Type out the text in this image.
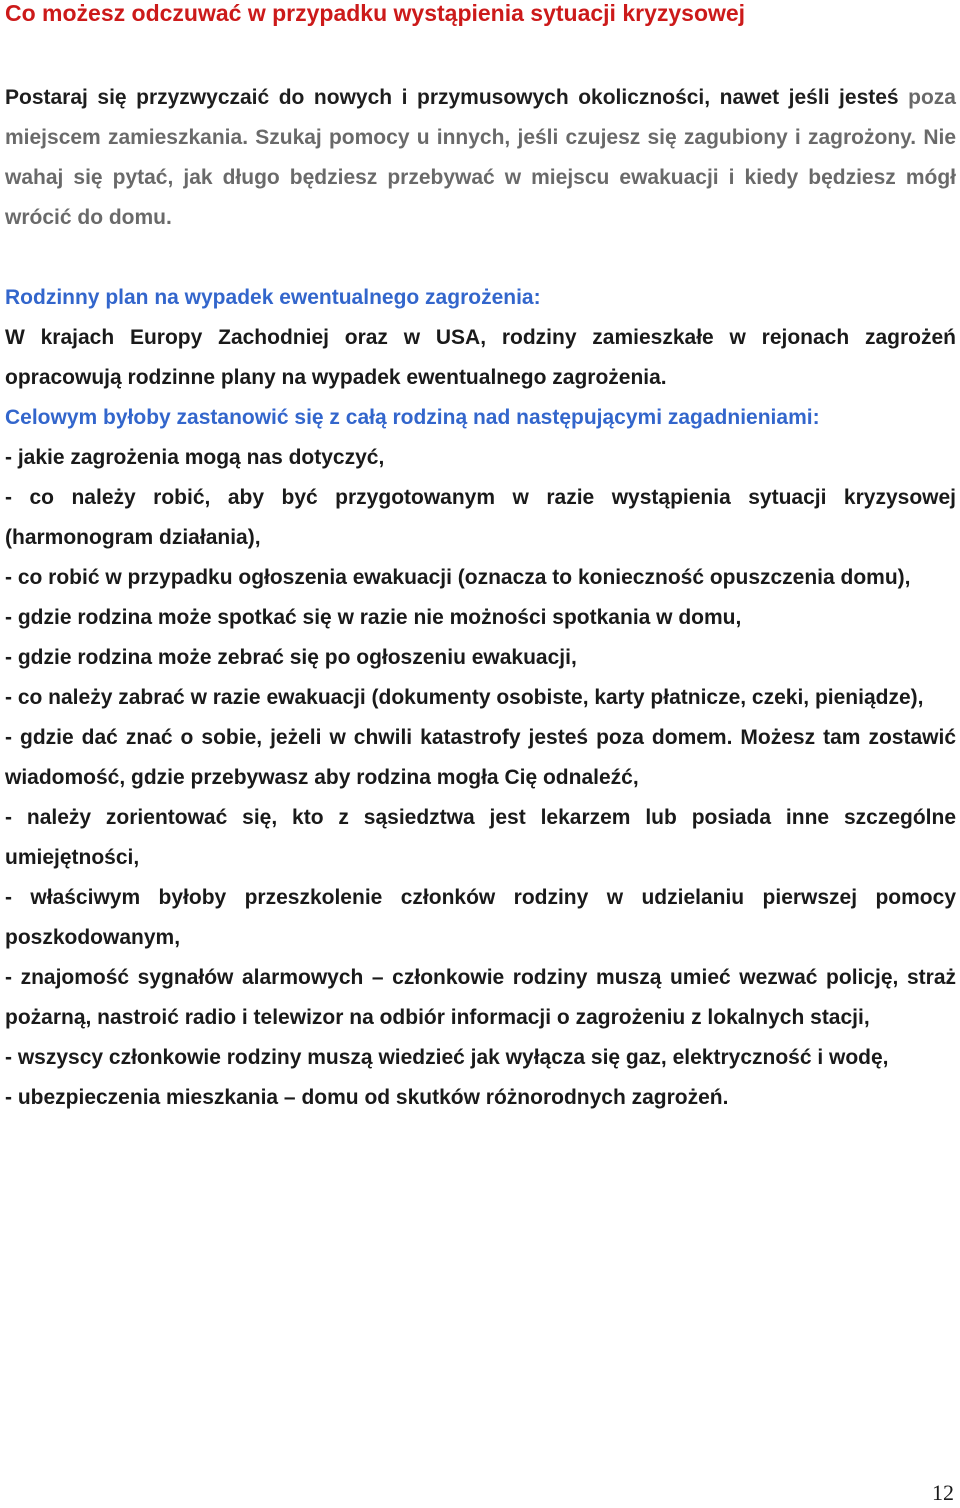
Co możesz odczuwać w przypadku wystąpienia sytuacji kryzysowej

Postaraj się przyzwyczaić do nowych i przymusowych okoliczności, nawet jeśli jesteś poza miejscem zamieszkania. Szukaj pomocy u innych, jeśli czujesz się zagubiony i zagrożony. Nie wahaj się pytać, jak długo będziesz przebywać w miejscu ewakuacji i kiedy będziesz mógł wrócić do domu.

Rodzinny plan na wypadek ewentualnego zagrożenia:

W krajach Europy Zachodniej oraz w USA, rodziny zamieszkałe w rejonach zagrożeń opracowują rodzinne plany na wypadek ewentualnego zagrożenia.

Celowym byłoby zastanowić się z całą rodziną nad następującymi zagadnieniami:

- jakie zagrożenia mogą nas dotyczyć,

- co należy robić, aby być przygotowanym w razie wystąpienia sytuacji kryzysowej (harmonogram działania),

- co robić w przypadku ogłoszenia ewakuacji (oznacza to konieczność opuszczenia domu),

- gdzie rodzina może spotkać się w razie nie możności spotkania w domu,

- gdzie rodzina może zebrać się po ogłoszeniu ewakuacji,

- co należy zabrać w razie ewakuacji (dokumenty osobiste, karty płatnicze, czeki, pieniądze),

- gdzie dać znać o sobie, jeżeli w chwili katastrofy jesteś poza domem. Możesz tam zostawić wiadomość, gdzie przebywasz aby rodzina mogła Cię odnaleźć,

- należy zorientować się, kto z sąsiedztwa jest lekarzem lub posiada inne szczególne umiejętności,

- właściwym byłoby przeszkolenie członków rodziny w udzielaniu pierwszej pomocy poszkodowanym,

- znajomość sygnałów alarmowych – członkowie rodziny muszą umieć wezwać policję, straż pożarną, nastroić radio i telewizor na odbiór informacji o zagrożeniu z lokalnych stacji,

- wszyscy członkowie rodziny muszą wiedzieć jak wyłącza się gaz, elektryczność i wodę,

- ubezpieczenia mieszkania – domu od skutków różnorodnych zagrożeń.

12
